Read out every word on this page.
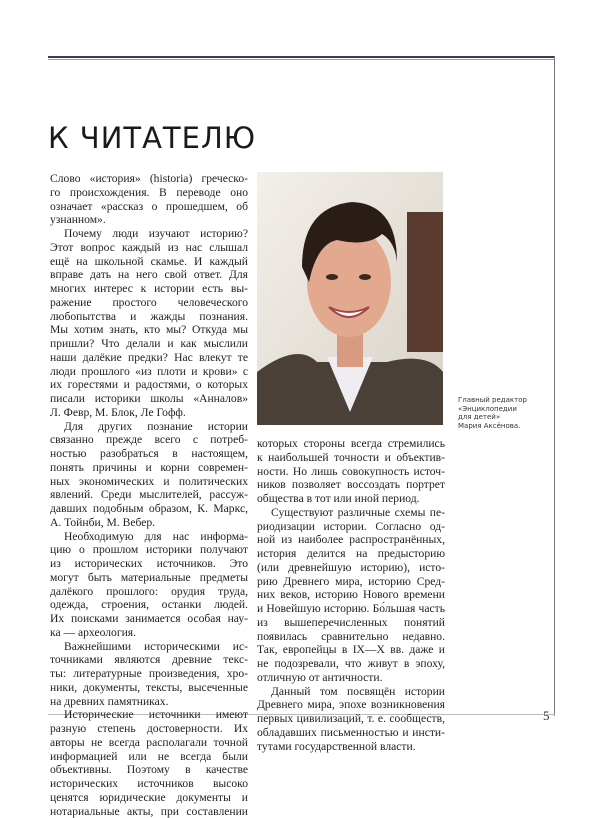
К ЧИТАТЕЛЮ
Слово «история» (historia) греческо-
го происхождения. В переводе оно
означает «рассказ о прошедшем, об
узнанном».
Почему люди изучают историю?
Этот вопрос каждый из нас слышал
ещё на школьной скамье. И каждый
вправе дать на него свой ответ. Для
многих интерес к истории есть вы-
ражение простого человеческого
любопытства и жажды познания.
Мы хотим знать, кто мы? Откуда мы
пришли? Что делали и как мыслили
наши далёкие предки? Нас влекут те
люди прошлого «из плоти и крови» с
их горестями и радостями, о которых
писали историки школы «Анналов»
Л. Февр, М. Блок, Ле Гофф.
Для других познание истории
связанно прежде всего с потреб-
ностью разобраться в настоящем,
понять причины и корни современ-
ных экономических и политических
явлений. Среди мыслителей, рассуж-
давших подобным образом, К. Маркс,
А. Тойнби, М. Вебер.
Необходимую для нас информа-
цию о прошлом историки получают
из исторических источников. Это
могут быть материальные предметы
далёкого прошлого: орудия труда,
одежда, строения, останки людей.
Их поисками занимается особая нау-
ка — археология.
Важнейшими историческими ис-
точниками являются древние текс-
ты: литературные произведения, хро-
ники, документы, тексты, высеченные
на древних памятниках.
Исторические источники имеют
разную степень достоверности. Их
авторы не всегда располагали точной
информацией или не всегда были
объективны. Поэтому в качестве
исторических источников высоко
ценятся юридические документы и
нотариальные акты, при составлении
Главный редактор
«Энциклопедии
для детей»
Мария Аксёнова.
которых стороны всегда стремились
к наибольшей точности и объектив-
ности. Но лишь совокупность источ-
ников позволяет воссоздать портрет
общества в тот или иной период.
Существуют различные схемы пе-
риодизации истории. Согласно од-
ной из наиболее распространённых,
история делится на предысторию
(или древнейшую историю), исто-
рию Древнего мира, историю Сред-
них веков, историю Нового времени
и Новейшую историю. Бо́льшая часть
из вышеперечисленных понятий
появилась сравнительно недавно.
Так, европейцы в IX—X вв. даже и
не подозревали, что живут в эпоху,
отличную от античности.
Данный том посвящён истории
Древнего мира, эпохе возникновения
первых цивилизаций, т. е. сообществ,
обладавших письменностью и инсти-
тутами государственной власти.
5
